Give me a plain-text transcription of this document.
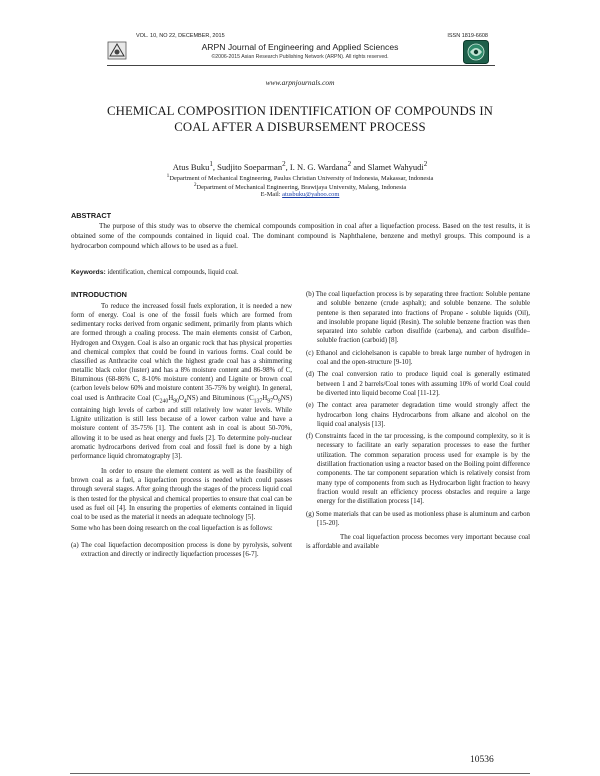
VOL. 10, NO 22, DECEMBER, 2015	ISSN 1819-6608
ARPN Journal of Engineering and Applied Sciences
©2006-2015 Asian Research Publishing Network (ARPN). All rights reserved.
www.arpnjournals.com
CHEMICAL COMPOSITION IDENTIFICATION OF COMPOUNDS IN
COAL AFTER A DISBURSEMENT PROCESS
Atus Buku$^1$, Sudjito Soeparman$^2$, I. N. G. Wardana$^2$ and Slamet Wahyudi$^2$
$^1$Department of Mechanical Engineering, Paulus Christian University of Indonesia, Makassar, Indonesia
$^2$Department of Mechanical Engineering, Brawijaya University, Malang, Indonesia
E-Mail: atusbuku@yahoo.com
ABSTRACT

The purpose of this study was to observe the chemical compounds composition in coal after a liquefaction process. Based on the test results, it is obtained some of the compounds contained in liquid coal. The dominant compound is Naphthalene, benzene and methyl groups. This compound is a hydrocarbon compound which allows to be used as a fuel.

Keywords: identification, chemical compounds, liquid coal.
INTRODUCTION

To reduce the increased fossil fuels exploration, it is needed a new form of energy. Coal is one of the fossil fuels which are formed from sedimentary rocks derived from organic sediment, primarily from plants which are formed through a coaling process. The main elements consist of Carbon, Hydrogen and Oxygen. Coal is also an organic rock that has physical properties and chemical complex that could be found in various forms. Coal could be classified as Anthracite coal which the highest grade coal has a shimmering metallic black color (luster) and has a 8% moisture content and 86-98% of C, Bituminous (68-86% C, 8-10% moisture content) and Lignite or brown coal (carbon levels below 60% and moisture content 35-75% by weight). In general, coal used is Anthracite Coal $(C_{240}H_{90}O_4NS)$ and Bituminous $(C_{137}H_{97}O_9NS)$ containing high levels of carbon and still relatively low water levels. While Lignite utilization is still less because of a lower carbon value and have a moisture content of 35-75% [1]. The content ash in coal is about 50-70%, allowing it to be used as heat energy and fuels [2]. To determine poly-nuclear aromatic hydrocarbons derived from coal and fossil fuel is done by a high performance liquid chromatography [3].

In order to ensure the element content as well as the feasibility of brown coal as a fuel, a liquefaction process is needed which could passes through several stages. After going through the stages of the process liquid coal is then tested for the physical and chemical properties to ensure that coal can be used as fuel oil [4]. In ensuring the properties of elements contained in liquid coal to be used as the material it needs an adequate technology [5].

Some who has been doing research on the coal liquefaction is as follows:

(a) The coal liquefaction decomposition process is done by pyrolysis, solvent extraction and directly or indirectly liquefaction processes [6-7].

(b) The coal liquefaction process is by separating three fraction: Soluble pentane and soluble benzene (crude asphalt); and soluble benzene. The soluble pentene is then separated into fractions of Propane - soluble liquids (Oil), and insoluble propane liquid (Resin). The soluble benzene fraction was then separated into soluble carbon disulfide (carbena), and carbon disulfide– soluble fraction (carboid) [8].

(c) Ethanol and ciclohelsanon is capable to break large number of hydrogen in coal and the open-structure [9-10].

(d) The coal conversion ratio to produce liquid coal is generally estimated between 1 and 2 barrels/Coal tones with assuming 10% of world Coal could be diverted into liquid become Coal [11-12].

(e) The contact area parameter degradation time would strongly affect the hydrocarbon long chains Hydrocarbons from alkane and alcohol on the liquid coal analysis [13].

(f) Constraints faced in the tar processing, is the compound complexity, so it is necessary to facilitate an early separation processes to ease the further utilization. The common separation process used for example is by the distillation fractionation using a reactor based on the Boiling point difference components. The tar component separation which is relatively consist from many type of components from such as Hydrocarbon light fraction to heavy fraction would result an efficiency process obstacles and require a large energy for the distillation process [14].

(g) Some materials that can be used as motionless phase is aluminum and carbon [15-20].

The coal liquefaction process becomes very important because coal is affordable and available

10536
